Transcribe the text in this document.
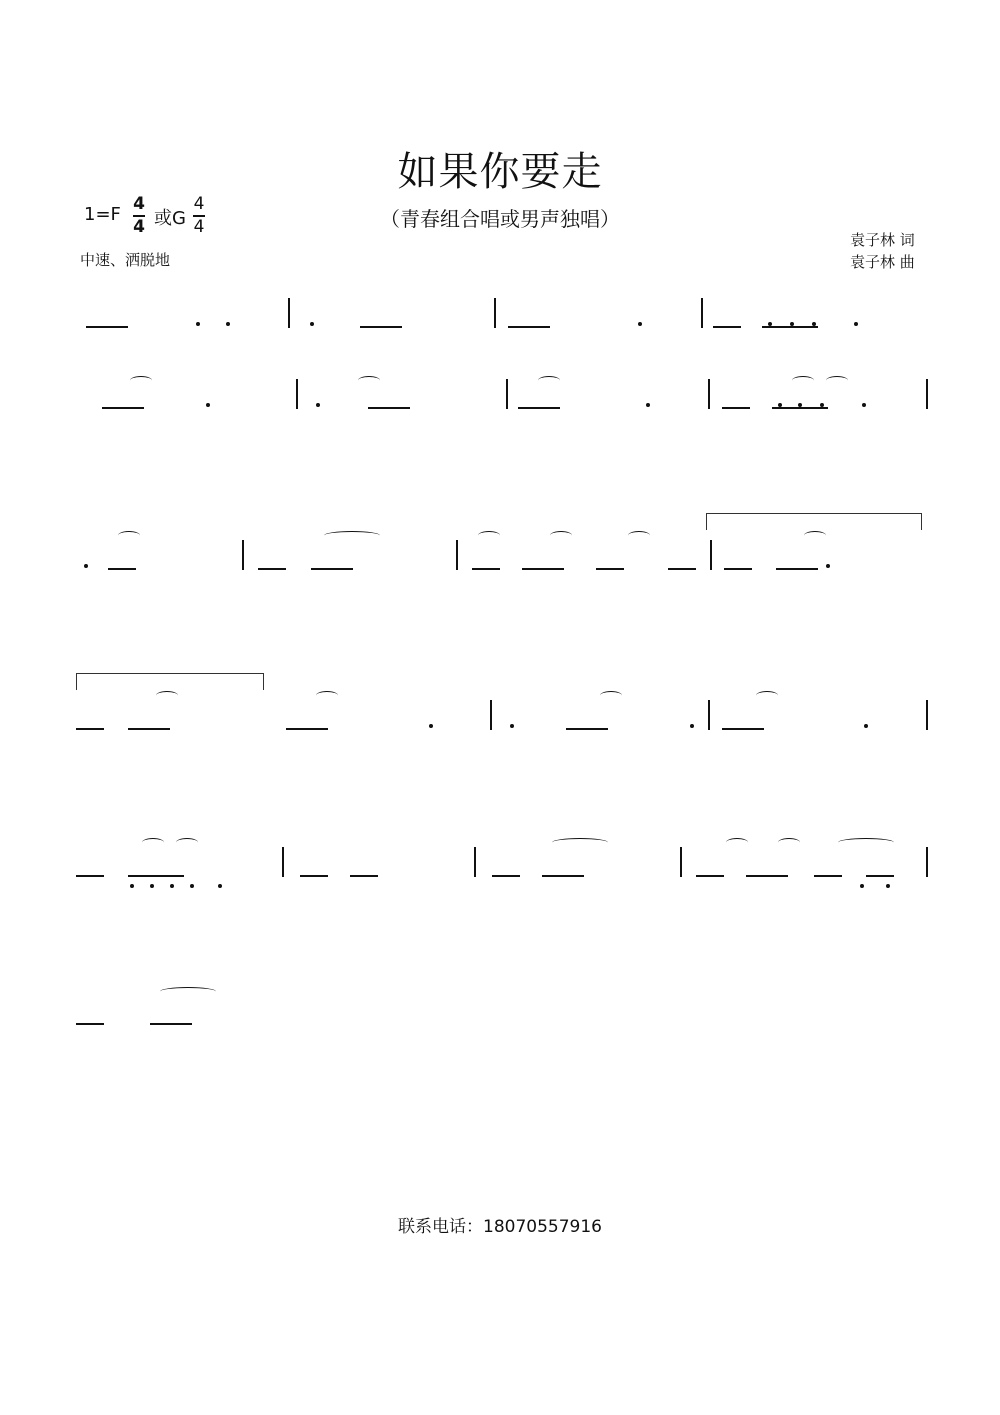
如果你要走
（青春组合唱或男声独唱）
1=F 4
4 或G
4
4
中速、洒脱地
袁子林 词
袁子林 曲
联系电话：18070557916
